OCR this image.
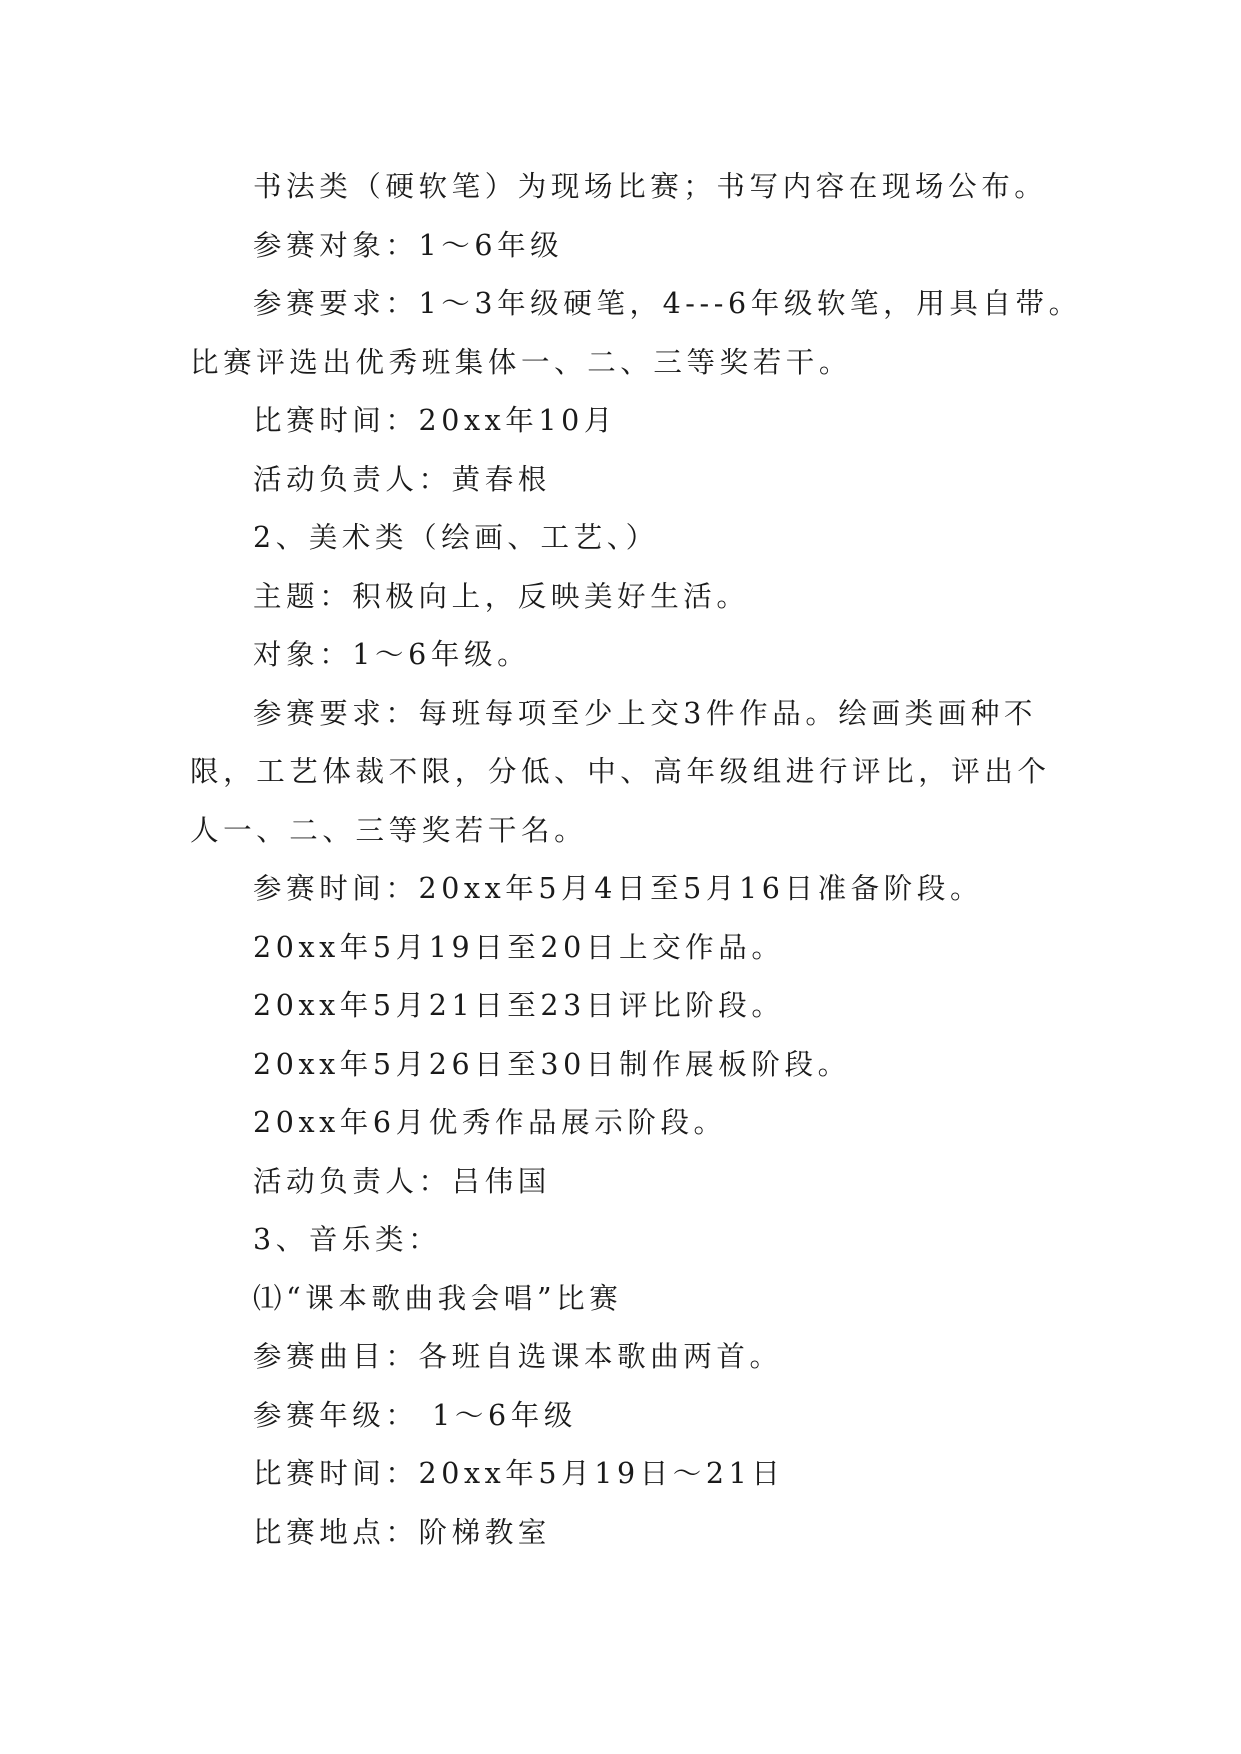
书法类（硬软笔）为现场比赛；书写内容在现场公布。

参赛对象：1～6年级

参赛要求：1～3年级硬笔，4---6年级软笔，用具自带。

比赛评选出优秀班集体一、二、三等奖若干。

比赛时间：20xx年10月

活动负责人：黄春根

2、美术类（绘画、工艺、）

主题：积极向上，反映美好生活。

对象：1～6年级。

参赛要求：每班每项至少上交3件作品。绘画类画种不

限，工艺体裁不限，分低、中、高年级组进行评比，评出个

人一、二、三等奖若干名。

参赛时间：20xx年5月4日至5月16日准备阶段。

20xx年5月19日至20日上交作品。

20xx年5月21日至23日评比阶段。

20xx年5月26日至30日制作展板阶段。

20xx年6月优秀作品展示阶段。

活动负责人：吕伟国

3、音乐类：

⑴“课本歌曲我会唱”比赛

参赛曲目：各班自选课本歌曲两首。

参赛年级： 1～6年级

比赛时间：20xx年5月19日～21日

比赛地点：阶梯教室
